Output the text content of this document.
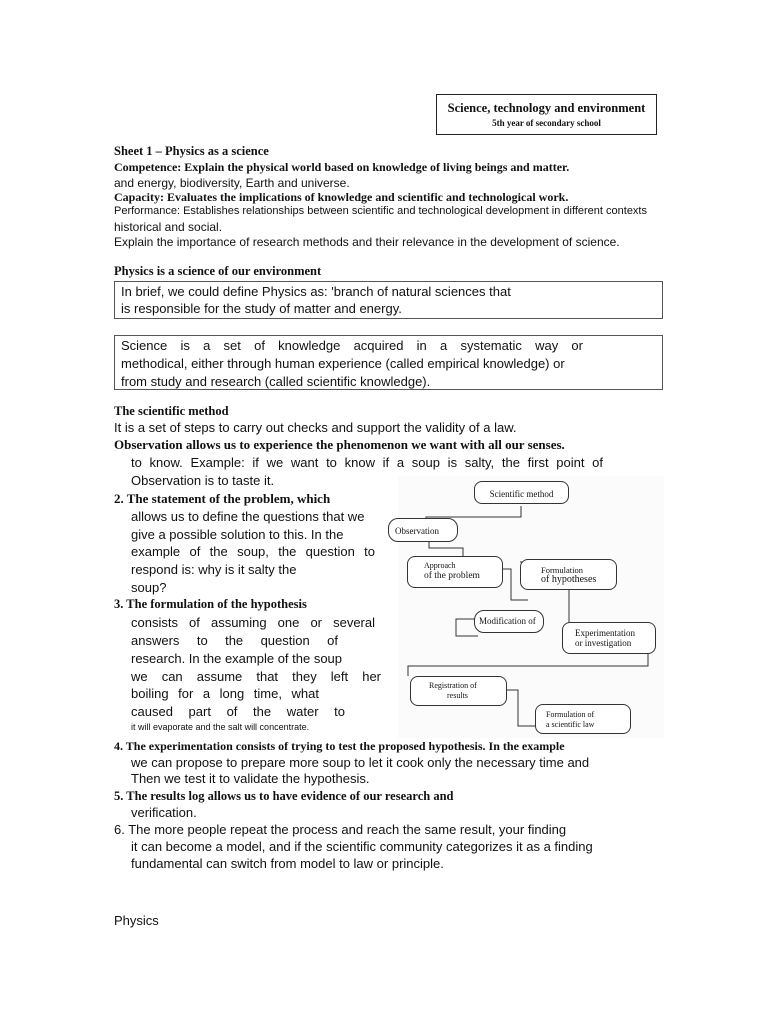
Science, technology and environment
5th year of secondary school
Sheet 1 – Physics as a science
Competence: Explain the physical world based on knowledge of living beings and matter.
and energy, biodiversity, Earth and universe.
Capacity: Evaluates the implications of knowledge and scientific and technological work.
Performance: Establishes relationships between scientific and technological development in different contexts
historical and social.
Explain the importance of research methods and their relevance in the development of science.
Physics is a science of our environment
In brief, we could define Physics as: 'branch of natural sciences that
is responsible for the study of matter and energy.
Science is a set of knowledge acquired in a systematic way or
methodical, either through human experience (called empirical knowledge) or
from study and research (called scientific knowledge).
The scientific method
It is a set of steps to carry out checks and support the validity of a law.
Observation allows us to experience the phenomenon we want with all our senses.
to know. Example: if we want to know if a soup is salty, the first point of
Observation is to taste it.
2. The statement of the problem, which
allows us to define the questions that we
give a possible solution to this. In the
example of the soup, the question to
respond is: why is it salty the
soup?
3. The formulation of the hypothesis
consists of assuming one or several
answers to the question of
research. In the example of the soup
we can assume that they left her
boiling for a long time, what
caused part of the water to
it will evaporate and the salt will concentrate.
Scientific method
Observation
Approach
of the problem
Formulation
of hypotheses
Modification of
Experimentation
or investigation
Registration of
results
Formulation of
a scientific law
4. The experimentation consists of trying to test the proposed hypothesis. In the example
we can propose to prepare more soup to let it cook only the necessary time and
Then we test it to validate the hypothesis.
5. The results log allows us to have evidence of our research and
verification.
6. The more people repeat the process and reach the same result, your finding
it can become a model, and if the scientific community categorizes it as a finding
fundamental can switch from model to law or principle.
Physics
